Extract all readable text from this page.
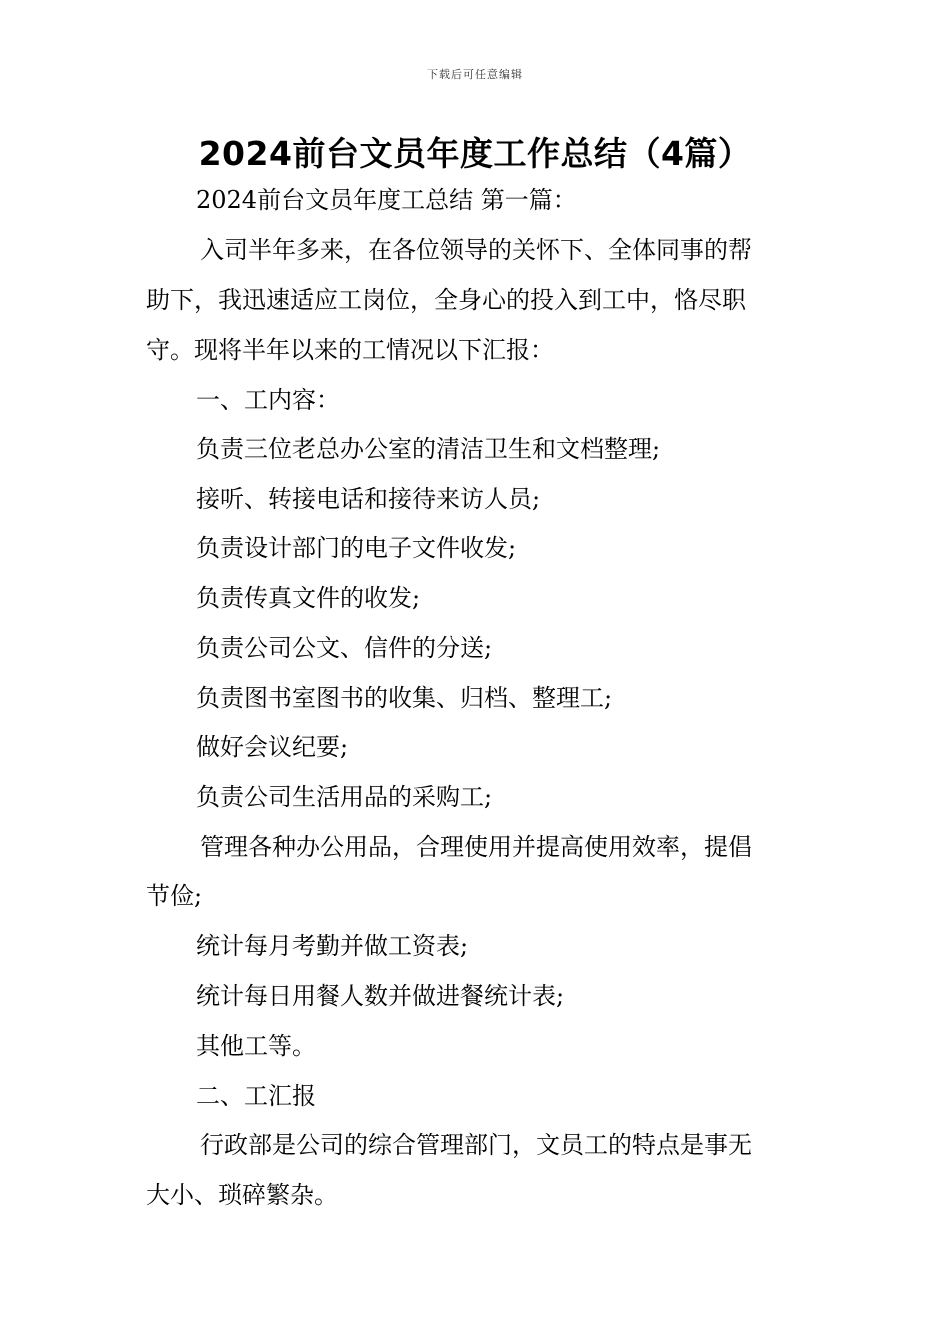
下载后可任意编辑
2024前台文员年度工作总结（4篇）
2024前台文员年度工总结 第一篇：
入司半年多来，在各位领导的关怀下、全体同事的帮
助下，我迅速适应工岗位，全身心的投入到工中，恪尽职
守。现将半年以来的工情况以下汇报：
一、工内容：
负责三位老总办公室的清洁卫生和文档整理;
接听、转接电话和接待来访人员;
负责设计部门的电子文件收发;
负责传真文件的收发;
负责公司公文、信件的分送;
负责图书室图书的收集、归档、整理工;
做好会议纪要;
负责公司生活用品的采购工;
管理各种办公用品，合理使用并提高使用效率，提倡
节俭;
统计每月考勤并做工资表;
统计每日用餐人数并做进餐统计表;
其他工等。
二、工汇报
行政部是公司的综合管理部门，文员工的特点是事无
大小、琐碎繁杂。
